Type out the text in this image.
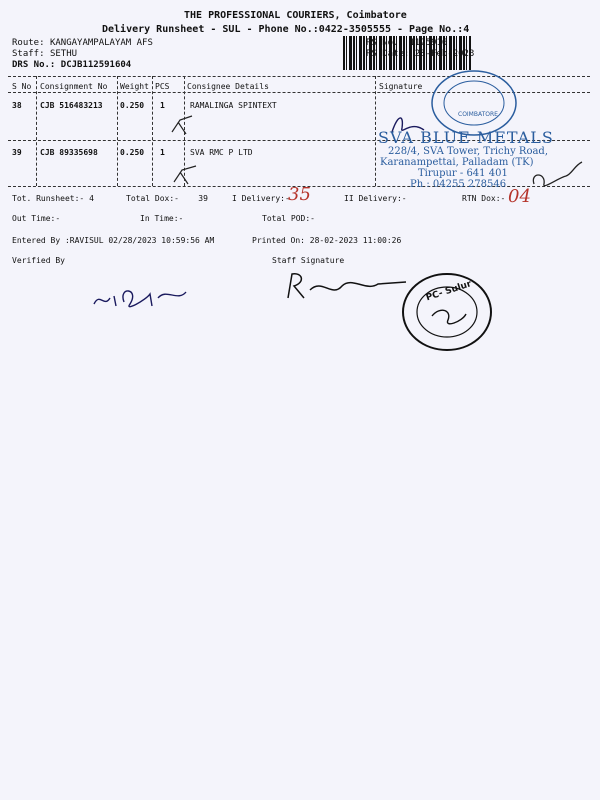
THE PROFESSIONAL COURIERS, Coimbatore
Delivery Runsheet - SUL - Phone No.:0422-3505555 - Page No.:4
Route: KANGAYAMPALAYAM AFS
Staff: SETHU
DRS No.: DCJB112591604
RS No.: 1125916
RS Date: 28-Feb-2023
S No Consignment No Weight PCS Consignee Details	Signature
38 CJB 516483213 0.250 1	RAMALINGA SPINTEXT
39 CJB 89335698	0.250 1	SVA RMC P LTD
COIMBATORE
SVA BLUE METALS
228/4, SVA Tower, Trichy Road,
Karanampettai, Palladam (TK)
Tirupur - 641 401
Ph : 04255 278546
Tot. Runsheet:- 4	Total Dox:- 39	I Delivery:-
35	II Delivery:-	RTN Dox:- 04
Out Time:-	In Time:-	Total POD:-
Entered By :RAVISUL 02/28/2023 10:59:56 AM	Printed On: 28-02-2023 11:00:26
Verified By	Staff Signature
PC- Sulur
